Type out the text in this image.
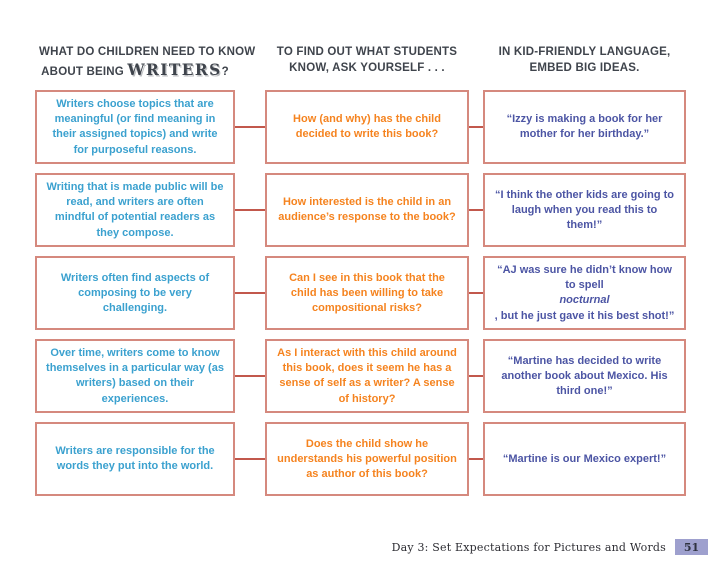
WHAT DO CHILDREN NEED TO KNOW
ABOUT BEING WRITERS?
TO FIND OUT WHAT STUDENTS
KNOW, ASK YOURSELF . . .
IN KID-FRIENDLY LANGUAGE,
EMBED BIG IDEAS.
Writers choose topics that are meaningful (or find meaning in their assigned topics) and write for purposeful reasons.
How (and why) has the child decided to write this book?
“Izzy is making a book for her mother for her birthday.”
Writing that is made public will be read, and writers are often mindful of potential readers as they compose.
How interested is the child in an audience’s response to the book?
“I think the other kids are going to laugh when you read this to them!”
Writers often find aspects of composing to be very challenging.
Can I see in this book that the child has been willing to take compositional risks?
“AJ was sure he didn’t know how to spellnocturnal, but he just gave it his best shot!”
Over time, writers come to know themselves in a particular way (as writers) based on their experiences.
As I interact with this child around this book, does it seem he has a sense of self as a writer? A sense of history?
“Martine has decided to write another book about Mexico. His third one!”
Writers are responsible for the words they put into the world.
Does the child show he understands his powerful position as author of this book?
“Martine is our Mexico expert!”
Day 3: Set Expectations for Pictures and Words	51
